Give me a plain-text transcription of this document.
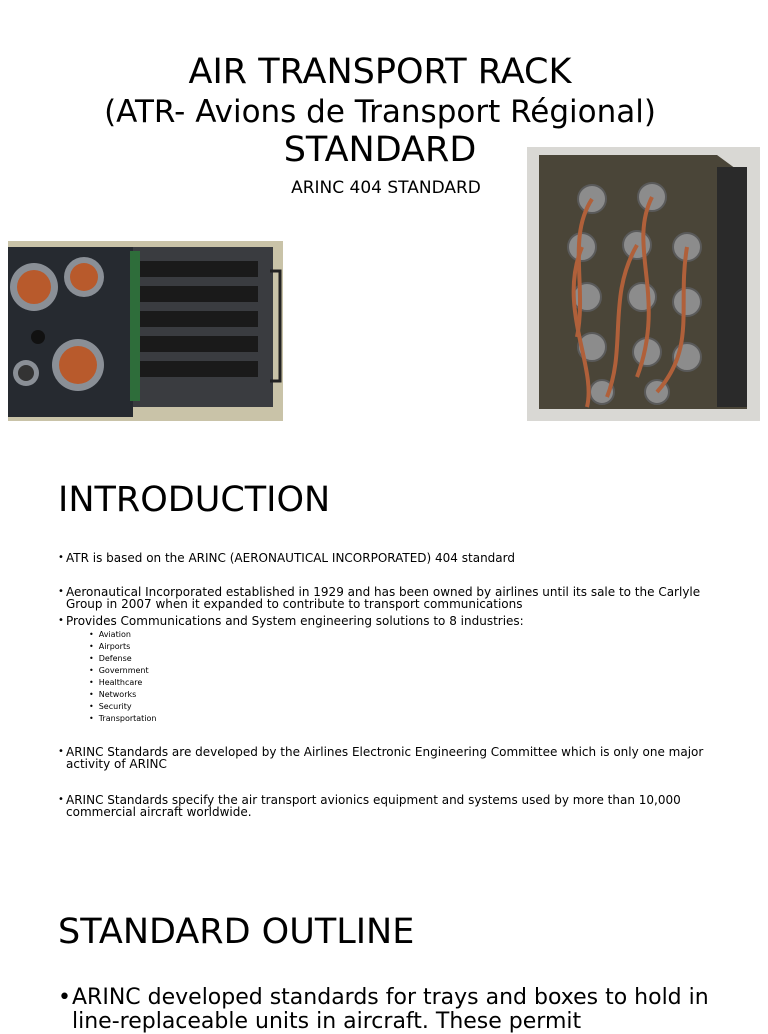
AIR TRANSPORT RACK
(ATR- Avions de Transport Régional)
STANDARD
ARINC 404 STANDARD
INTRODUCTION
• ATR is based on the ARINC (AERONAUTICAL INCORPORATED) 404 standard
• Aeronautical Incorporated established in 1929 and has been owned by airlines until its sale to the Carlyle Group in 2007 when it expanded to contribute to transport communications
• Provides Communications and System engineering solutions to 8 industries:
• Aviation
• Airports
• Defense
• Government
• Healthcare
• Networks
• Security
• Transportation
• ARINC Standards are developed by the Airlines Electronic Engineering Committee which is only one major activity of ARINC
• ARINC Standards specify the air transport avionics equipment and systems used by more than 10,000 commercial aircraft worldwide.
STANDARD OUTLINE
• ARINC developed standards for trays and boxes to hold in line-replaceable units in aircraft. These permit
